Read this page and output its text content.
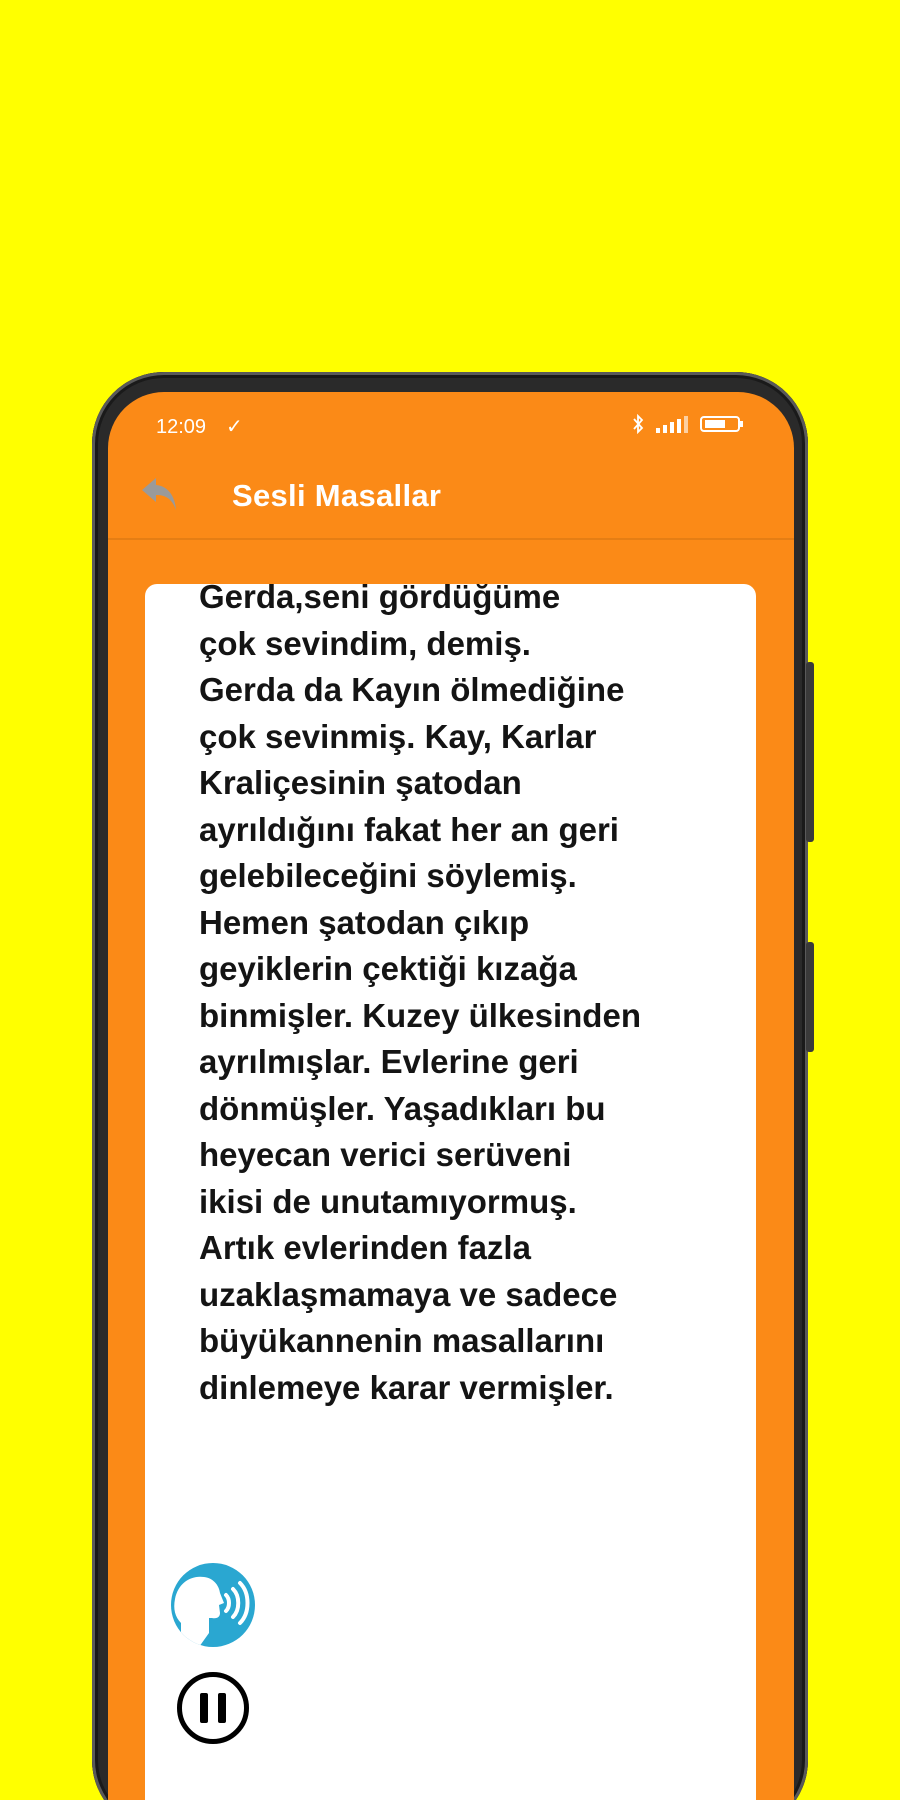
12:09 ✓
Sesli Masallar

Gerda,seni gördüğüme
çok sevindim, demiş.
Gerda da Kayın ölmediğine
çok sevinmiş. Kay, Karlar
Kraliçesinin şatodan
ayrıldığını fakat her an geri
gelebileceğini söylemiş.
Hemen şatodan çıkıp
geyiklerin çektiği kızağa
binmişler. Kuzey ülkesinden
ayrılmışlar. Evlerine geri
dönmüşler. Yaşadıkları bu
heyecan verici serüveni
ikisi de unutamıyormuş.
Artık evlerinden fazla
uzaklaşmamaya ve sadece
büyükannenin masallarını
dinlemeye karar vermişler.
